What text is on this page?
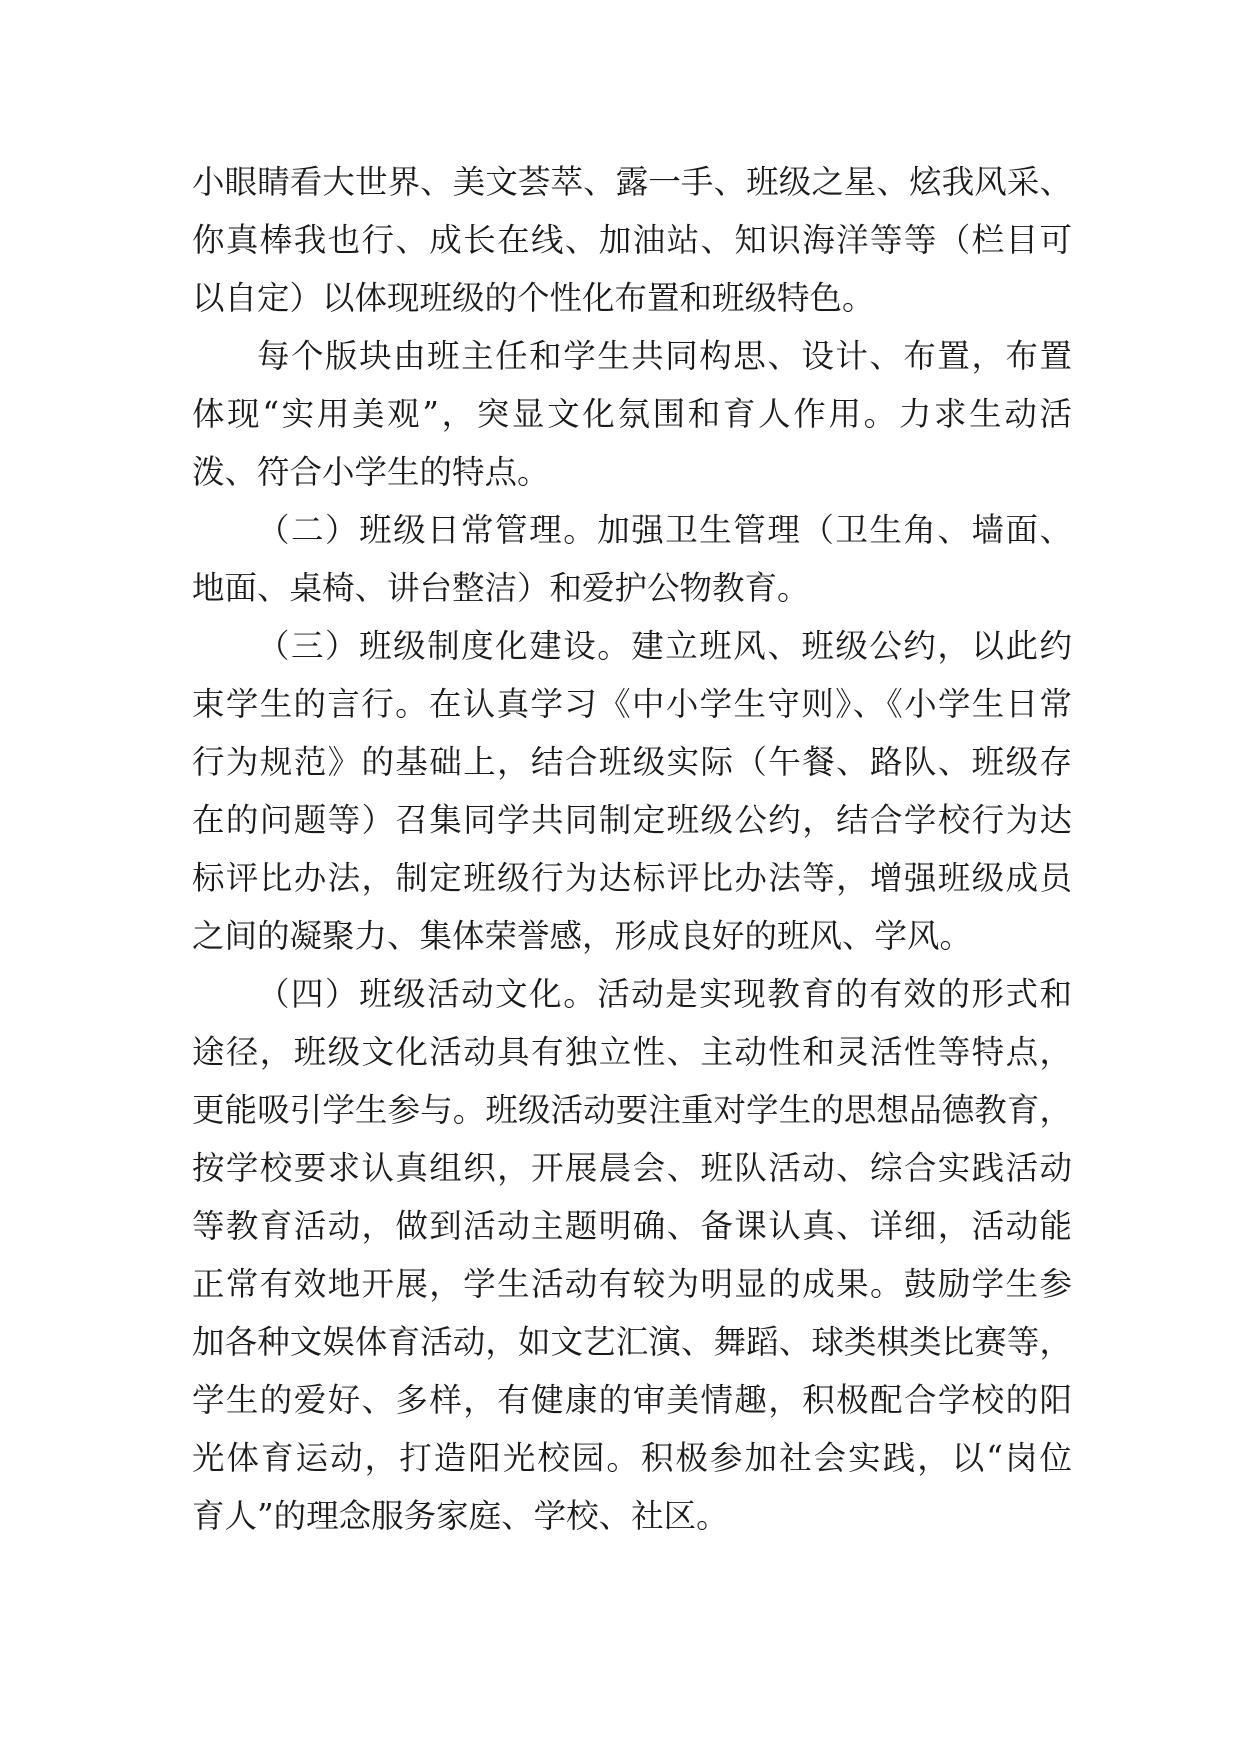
小眼睛看大世界、美文荟萃、露一手、班级之星、炫我风采、
你真棒我也行、成长在线、加油站、知识海洋等等（栏目可
以自定）以体现班级的个性化布置和班级特色。
每个版块由班主任和学生共同构思、设计、布置，布置
体现“实用美观”，突显文化氛围和育人作用。力求生动活
泼、符合小学生的特点。
（二）班级日常管理。加强卫生管理（卫生角、墙面、
地面、桌椅、讲台整洁）和爱护公物教育。
（三）班级制度化建设。建立班风、班级公约，以此约
束学生的言行。在认真学习《中小学生守则》、《小学生日常
行为规范》的基础上，结合班级实际（午餐、路队、班级存
在的问题等）召集同学共同制定班级公约，结合学校行为达
标评比办法，制定班级行为达标评比办法等，增强班级成员
之间的凝聚力、集体荣誉感，形成良好的班风、学风。
（四）班级活动文化。活动是实现教育的有效的形式和
途径，班级文化活动具有独立性、主动性和灵活性等特点，
更能吸引学生参与。班级活动要注重对学生的思想品德教育，
按学校要求认真组织，开展晨会、班队活动、综合实践活动
等教育活动，做到活动主题明确、备课认真、详细，活动能
正常有效地开展，学生活动有较为明显的成果。鼓励学生参
加各种文娱体育活动，如文艺汇演、舞蹈、球类棋类比赛等，
学生的爱好、多样，有健康的审美情趣，积极配合学校的阳
光体育运动，打造阳光校园。积极参加社会实践，以“岗位
育人”的理念服务家庭、学校、社区。
